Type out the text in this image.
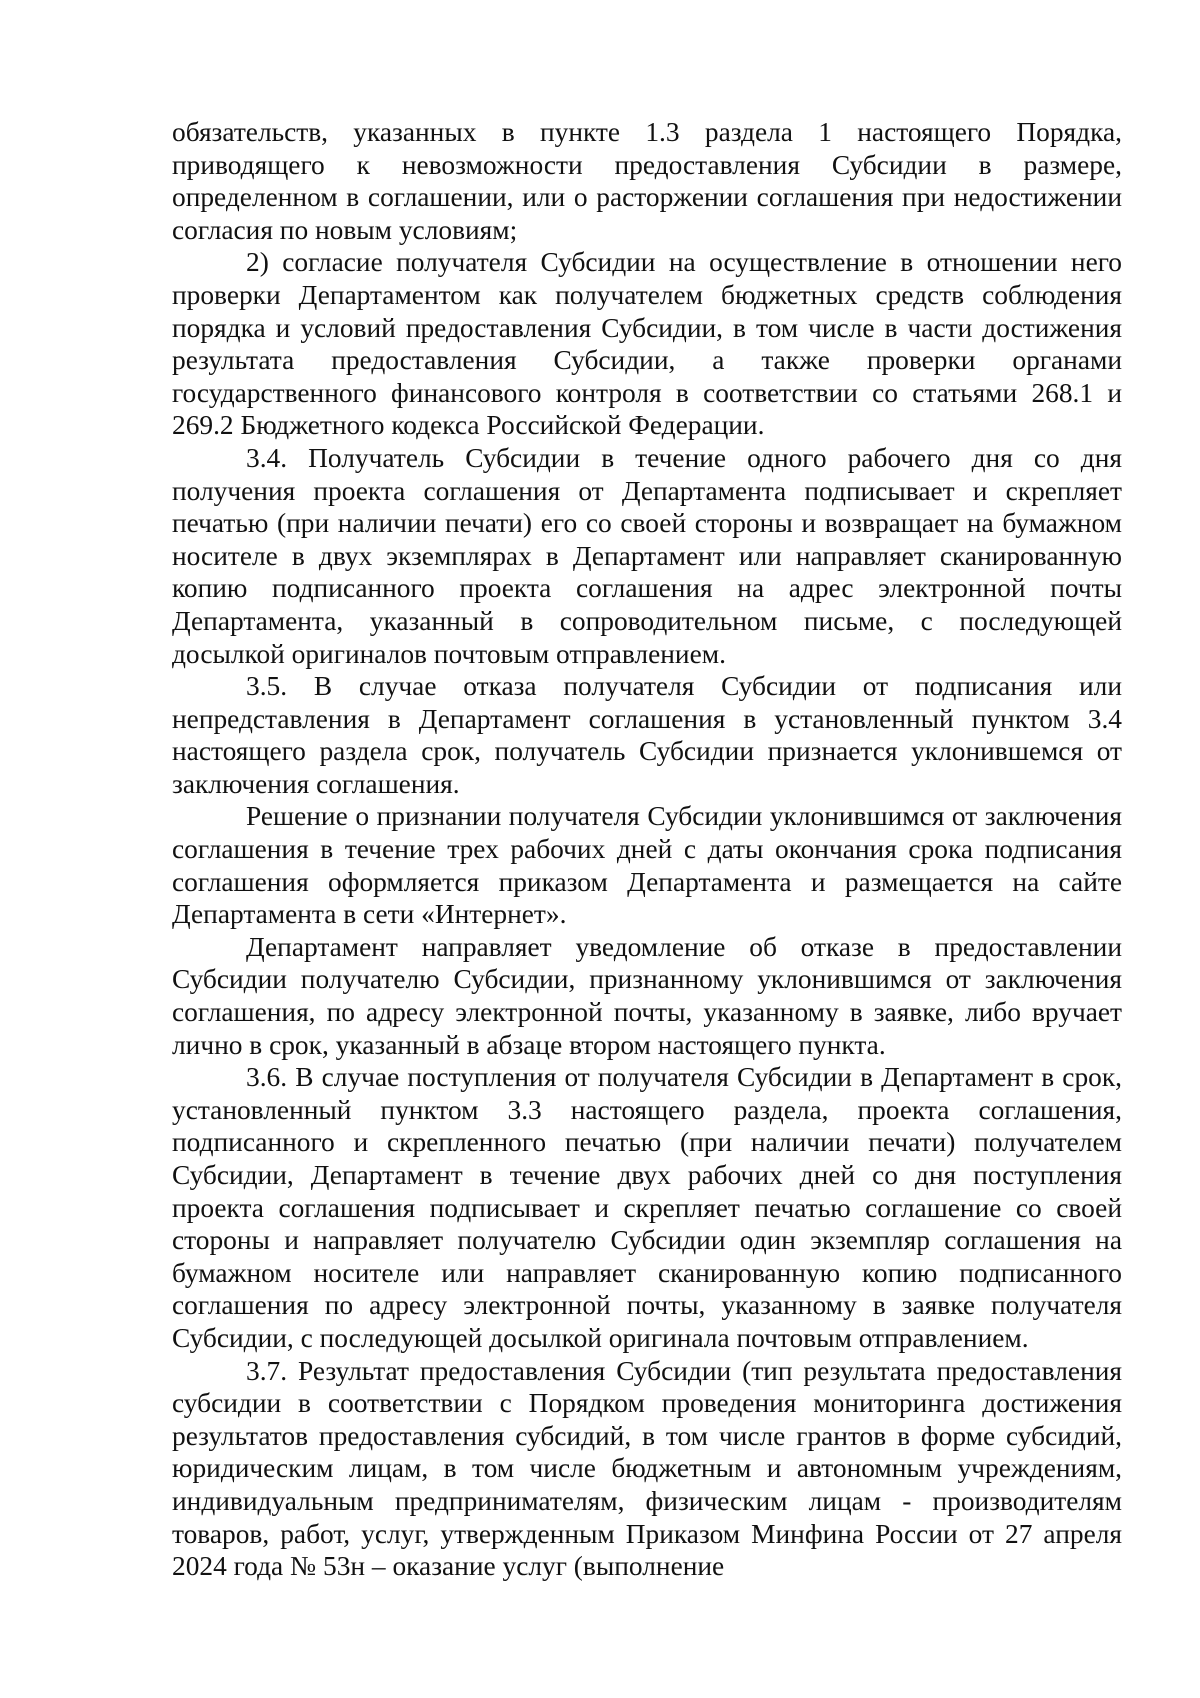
обязательств, указанных в пункте 1.3 раздела 1 настоящего Порядка, приводящего к невозможности предоставления Субсидии в размере, определенном в соглашении, или о расторжении соглашения при недостижении согласия по новым условиям;

2) согласие получателя Субсидии на осуществление в отношении него проверки Департаментом как получателем бюджетных средств соблюдения порядка и условий предоставления Субсидии, в том числе в части достижения результата предоставления Субсидии, а также проверки органами государственного финансового контроля в соответствии со статьями 268.1 и 269.2 Бюджетного кодекса Российской Федерации.

3.4. Получатель Субсидии в течение одного рабочего дня со дня получения проекта соглашения от Департамента подписывает и скрепляет печатью (при наличии печати) его со своей стороны и возвращает на бумажном носителе в двух экземплярах в Департамент или направляет сканированную копию подписанного проекта соглашения на адрес электронной почты Департамента, указанный в сопроводительном письме, с последующей досылкой оригиналов почтовым отправлением.

3.5. В случае отказа получателя Субсидии от подписания или непредставления в Департамент соглашения в установленный пунктом 3.4 настоящего раздела срок, получатель Субсидии признается уклонившемся от заключения соглашения.

Решение о признании получателя Субсидии уклонившимся от заключения соглашения в течение трех рабочих дней с даты окончания срока подписания соглашения оформляется приказом Департамента и размещается на сайте Департамента в сети «Интернет».

Департамент направляет уведомление об отказе в предоставлении Субсидии получателю Субсидии, признанному уклонившимся от заключения соглашения, по адресу электронной почты, указанному в заявке, либо вручает лично в срок, указанный в абзаце втором настоящего пункта.

3.6. В случае поступления от получателя Субсидии в Департамент в срок, установленный пунктом 3.3 настоящего раздела, проекта соглашения, подписанного и скрепленного печатью (при наличии печати) получателем Субсидии, Департамент в течение двух рабочих дней со дня поступления проекта соглашения подписывает и скрепляет печатью соглашение со своей стороны и направляет получателю Субсидии один экземпляр соглашения на бумажном носителе или направляет сканированную копию подписанного соглашения по адресу электронной почты, указанному в заявке получателя Субсидии, с последующей досылкой оригинала почтовым отправлением.

3.7. Результат предоставления Субсидии (тип результата предоставления субсидии в соответствии с Порядком проведения мониторинга достижения результатов предоставления субсидий, в том числе грантов в форме субсидий, юридическим лицам, в том числе бюджетным и автономным учреждениям, индивидуальным предпринимателям, физическим лицам - производителям товаров, работ, услуг, утвержденным Приказом Минфина России от 27 апреля 2024 года № 53н – оказание услуг (выполнение
